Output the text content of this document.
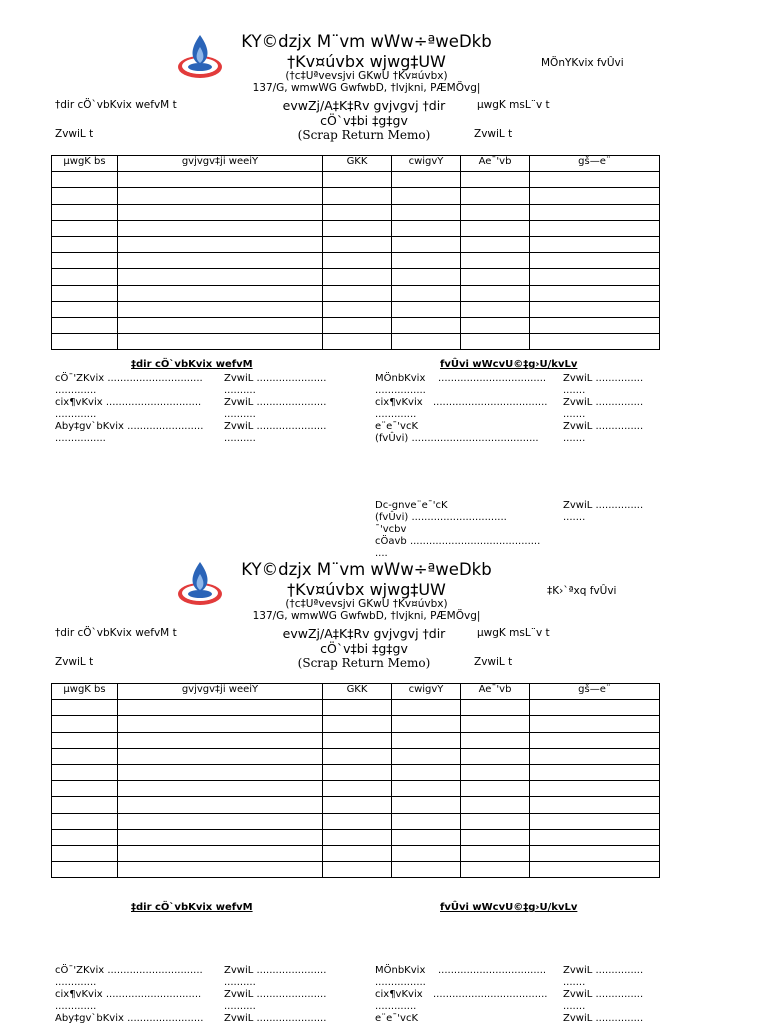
KY©dzjx M¨vm wWw÷ªweDkb
†Kv¤úvbx wjwg‡UW
(†c‡Uªvevsjvi GKwU †Kv¤úvbx)
137/G, wmwWG GwfwbD, †lvjkni, PÆMÖvg|
MÖnYKvix fvÛvi
†dir cÖ`vbKvix wefvM t
ZvwiL t
evwZj/A‡K‡Rv gvjvgvj †dir
cÖ`v‡bi ‡g‡gv
(Scrap Return Memo)
µwgK msL¨v t
ZvwiL t
µwgK bs	gvjvgv‡ji weeiY	GKK	cwigvY	Ae¯'vb	gš—e¨

‡dir cÖ`vbKvix wefvM
cÖ¯'ZKvix .............................. ZvwiL ......................
.............	..........
cix¶vKvix .............................. ZvwiL ......................
.............	..........
Aby‡gv`bKvix ........................ ZvwiL ......................
................	..........
fvÛvi wWcvU©‡g›U/kvLv
MÖnbKvix .................................. ZvwiL ...............
................	.......
cix¶vKvix .................................... ZvwiL ...............
.............	.......
e¨e¯'vcK	ZvwiL ...............
(fvÛvi) ........................................ .......
Dc-gnve¨e¯'cK	ZvwiL ...............
(fvÛvi) ..............................	.......
¯'vcbv
cÖavb .........................................
....
KY©dzjx M¨vm wWw÷ªweDkb
†Kv¤úvbx wjwg‡UW
(†c‡Uªvevsjvi GKwU †Kv¤úvbx)
137/G, wmwWG GwfwbD, †lvjkni, PÆMÖvg|
‡K›`ªxq fvÛvi
†dir cÖ`vbKvix wefvM t
ZvwiL t
evwZj/A‡K‡Rv gvjvgvj †dir
cÖ`v‡bi ‡g‡gv
(Scrap Return Memo)
µwgK msL¨v t
ZvwiL t
µwgK bs	gvjvgv‡ji weeiY	GKK	cwigvY	Ae¯'vb	gš—e¨

‡dir cÖ`vbKvix wefvM	fvÛvi wWcvU©‡g›U/kvLv
cÖ¯'ZKvix .............................. ZvwiL ......................
.............	..........
cix¶vKvix .............................. ZvwiL ......................
.............	..........
Aby‡gv`bKvix ........................ ZvwiL ......................
MÖnbKvix .................................. ZvwiL ...............
................	.......
cix¶vKvix .................................... ZvwiL ...............
.............	.......
e¨e¯'vcK	ZvwiL ...............
